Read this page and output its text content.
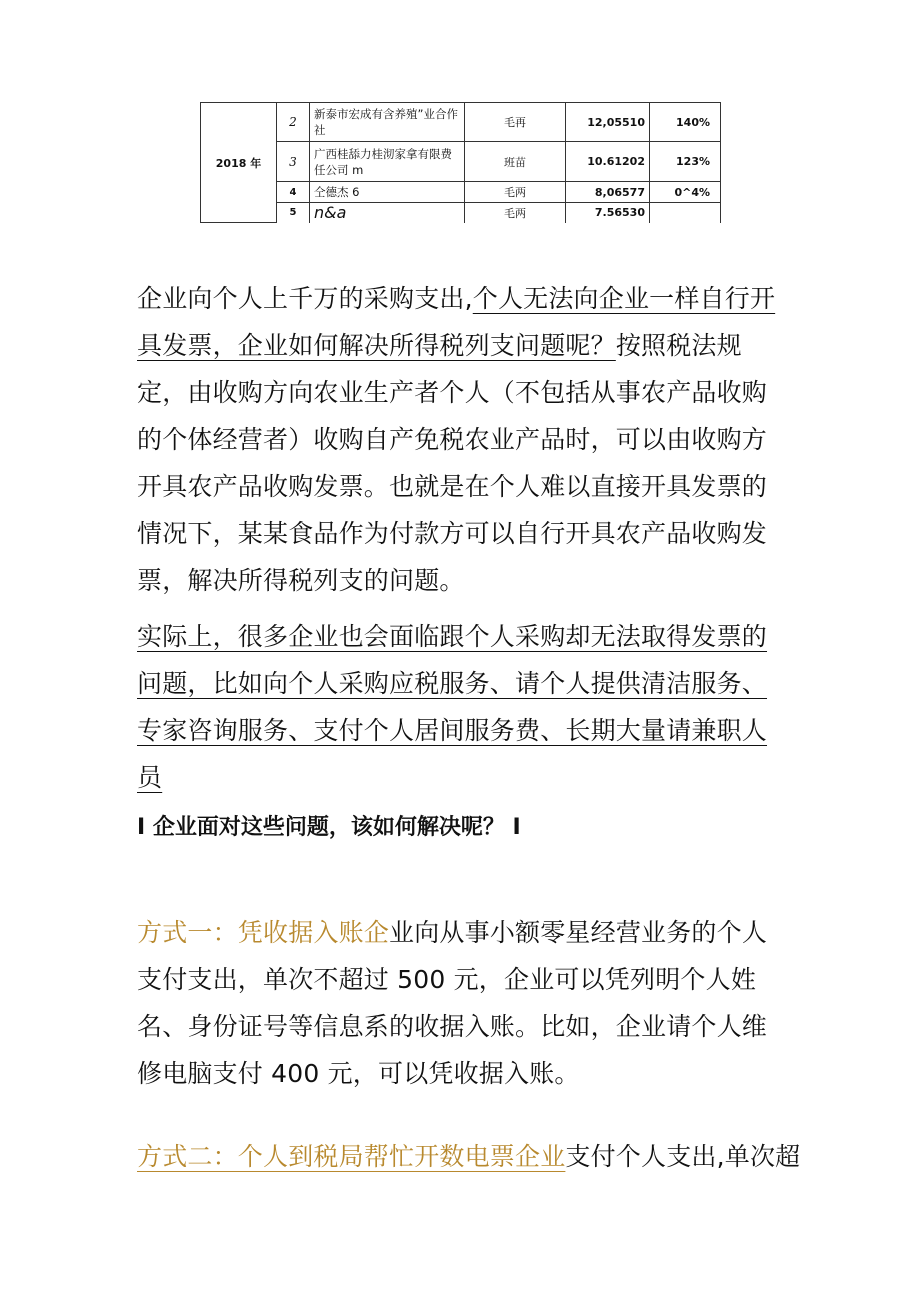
2018 年	2	新泰市宏成有含养殖”业合作社	毛再	12,05510	140%
	3	广西桂舔力桂沏家拿有限费任公司 m	班苗	10.61202	123%
	4	仝德杰 6	毛两	8,06577	0^4%
	5	n&a	毛两	7.56530	

企业向个人上千万的采购支出,个人无法向企业一样自行开具发票，企业如何解决所得税列支问题呢？按照税法规定，由收购方向农业生产者个人（不包括从事农产品收购的个体经营者）收购自产免税农业产品时，可以由收购方开具农产品收购发票。也就是在个人难以直接开具发票的情况下，某某食品作为付款方可以自行开具农产品收购发票，解决所得税列支的问题。

实际上，很多企业也会面临跟个人采购却无法取得发票的问题，比如向个人采购应税服务、请个人提供清洁服务、专家咨询服务、支付个人居间服务费、长期大量请兼职人员

I 企业面对这些问题，该如何解决呢？ I

方式一：凭收据入账企业向从事小额零星经营业务的个人支付支出，单次不超过 500 元，企业可以凭列明个人姓名、身份证号等信息系的收据入账。比如，企业请个人维修电脑支付 400 元，可以凭收据入账。

方式二：个人到税局帮忙开数电票企业支付个人支出,单次超
